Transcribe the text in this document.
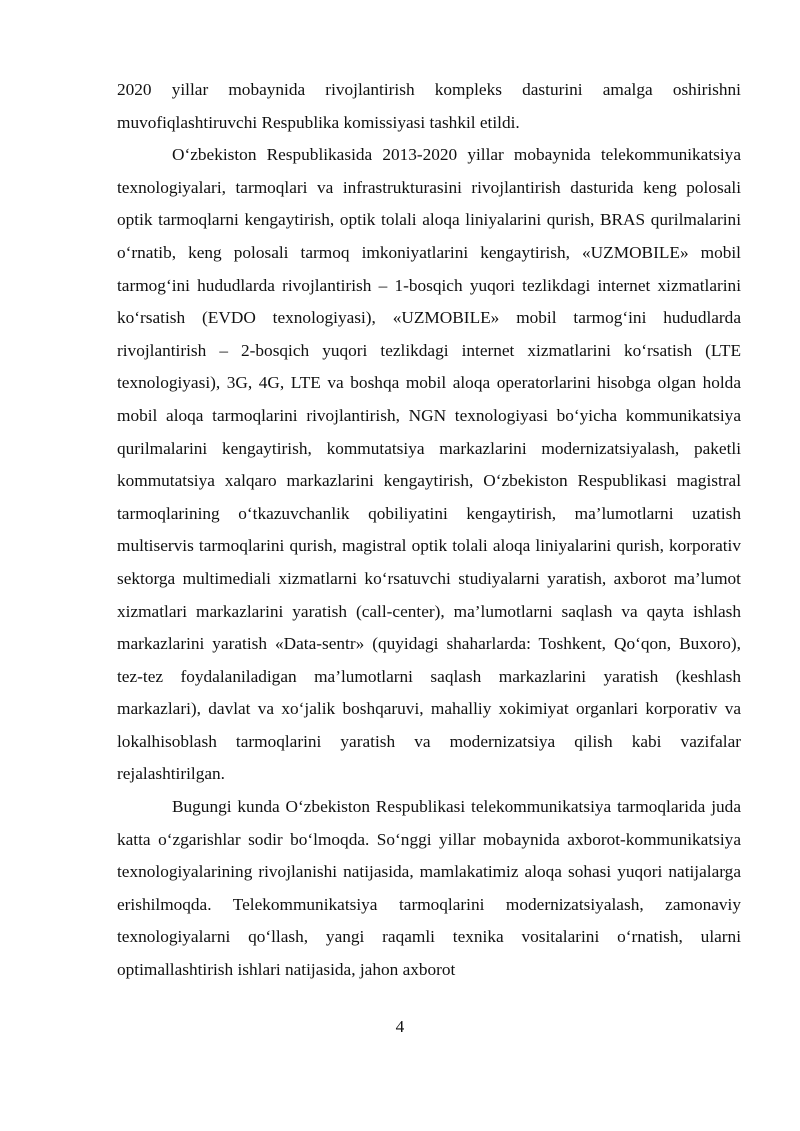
2020 yillar mobaynida rivojlantirish kompleks dasturini amalga oshirishni muvofiqlashtiruvchi Respublika komissiyasi tashkil etildi.

O‘zbekiston Respublikasida 2013-2020 yillar mobaynida telekommunikatsiya texnologiyalari, tarmoqlari va infrastrukturasini rivojlantirish dasturida keng polosali optik tarmoqlarni kengaytirish, optik tolali aloqa liniyalarini qurish, BRAS qurilmalarini o‘rnatib, keng polosali tarmoq imkoniyatlarini kengaytirish, «UZMOBILE» mobil tarmog‘ini hududlarda rivojlantirish – 1-bosqich yuqori tezlikdagi internet xizmatlarini ko‘rsatish (EVDO texnologiyasi), «UZMOBILE» mobil tarmog‘ini hududlarda rivojlantirish – 2-bosqich yuqori tezlikdagi internet xizmatlarini ko‘rsatish (LTE texnologiyasi), 3G, 4G, LTE va boshqa mobil aloqa operatorlarini hisobga olgan holda mobil aloqa tarmoqlarini rivojlantirish, NGN texnologiyasi bo‘yicha kommunikatsiya qurilmalarini kengaytirish, kommutatsiya markazlarini modernizatsiyalash, paketli kommutatsiya xalqaro markazlarini kengaytirish, O‘zbekiston Respublikasi magistral tarmoqlarining o‘tkazuvchanlik qobiliyatini kengaytirish, ma’lumotlarni uzatish multiservis tarmoqlarini qurish, magistral optik tolali aloqa liniyalarini qurish, korporativ sektorga multimediali xizmatlarni ko‘rsatuvchi studiyalarni yaratish, axborot ma’lumot xizmatlari markazlarini yaratish (call-center), ma’lumotlarni saqlash va qayta ishlash markazlarini yaratish «Data-sentr» (quyidagi shaharlarda: Toshkent, Qo‘qon, Buxoro), tez-tez foydalaniladigan ma’lumotlarni saqlash markazlarini yaratish (keshlash markazlari), davlat va xo‘jalik boshqaruvi, mahalliy xokimiyat organlari korporativ va lokalhisoblash tarmoqlarini yaratish va modernizatsiya qilish kabi vazifalar rejalashtirilgan.

Bugungi kunda O‘zbekiston Respublikasi telekommunikatsiya tarmoqlarida juda katta o‘zgarishlar sodir bo‘lmoqda. So‘nggi yillar mobaynida axborot-kommunikatsiya texnologiyalarining rivojlanishi natijasida, mamlakatimiz aloqa sohasi yuqori natijalarga erishilmoqda. Telekommunikatsiya tarmoqlarini modernizatsiyalash, zamonaviy texnologiyalarni qo‘llash, yangi raqamli texnika vositalarini o‘rnatish, ularni optimallashtirish ishlari natijasida, jahon axborot

4
